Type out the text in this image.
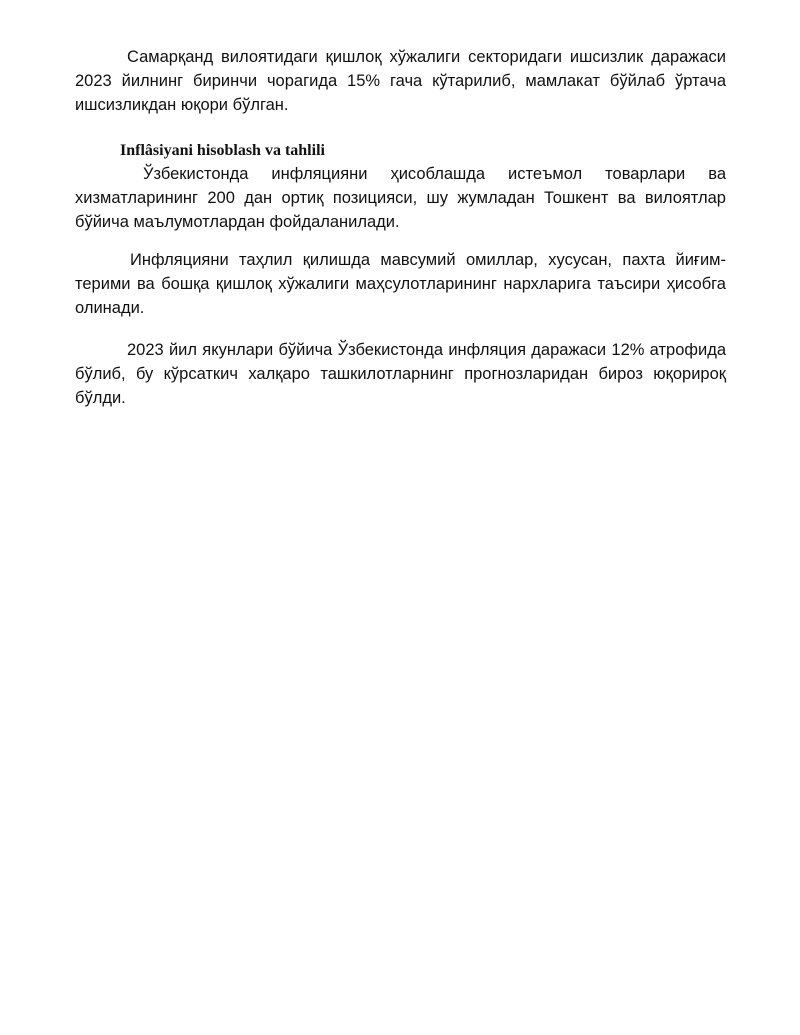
Самарқанд вилоятидаги қишлоқ хўжалиги секторидаги ишсизлик даражаси 2023 йилнинг биринчи чорагида 15% гача кўтарилиб, мамлакат бўйлаб ўртача ишсизликдан юқори бўлган.

Inflâsiyani hisoblash va tahlili

Ўзбекистонда инфляцияни ҳисоблашда истеъмол товарлари ва хизматларининг 200 дан ортиқ позицияси, шу жумладан Тошкент ва вилоятлар бўйича маълумотлардан фойдаланилади.

Инфляцияни таҳлил қилишда мавсумий омиллар, хусусан, пахта йиғим-терими ва бошқа қишлоқ хўжалиги маҳсулотларининг нархларига таъсири ҳисобга олинади.

2023 йил якунлари бўйича Ўзбекистонда инфляция даражаси 12% атрофида бўлиб, бу кўрсаткич халқаро ташкилотларнинг прогнозларидан бироз юқорироқ бўлди.
